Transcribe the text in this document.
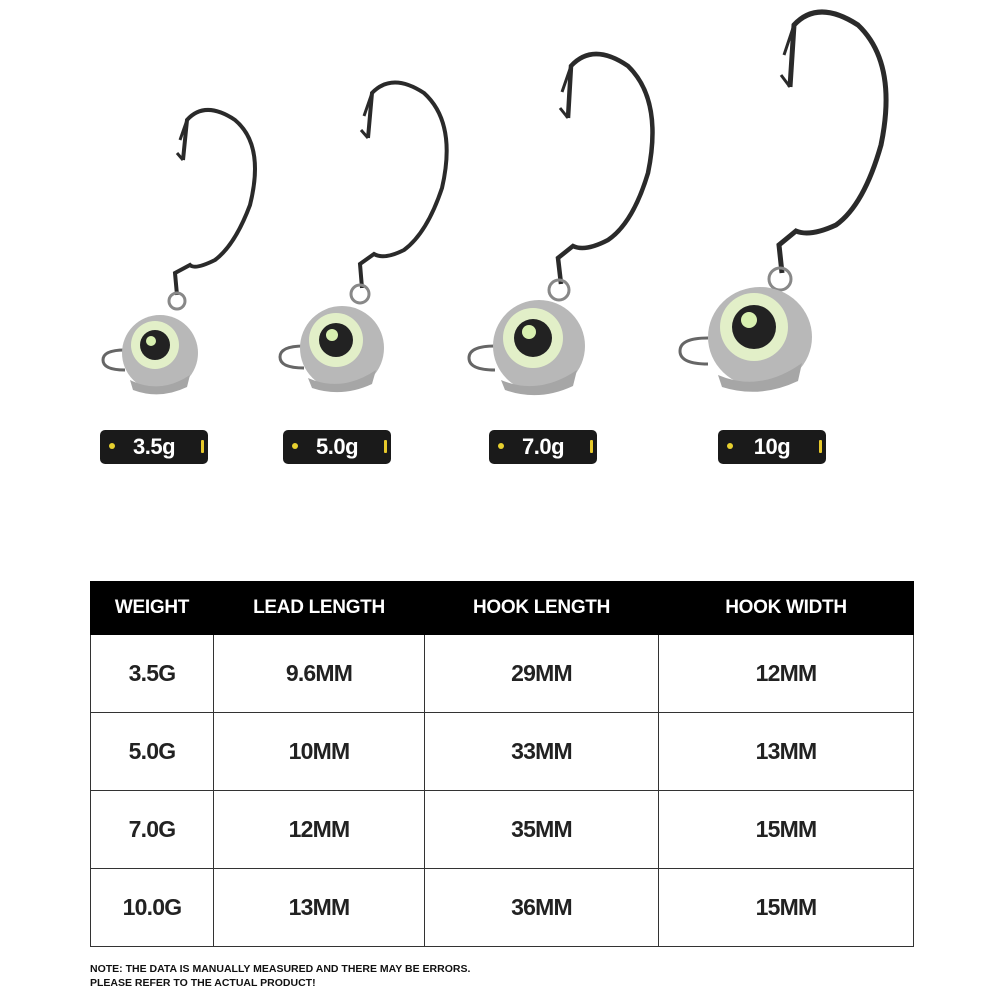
3.5g	5.0g	7.0g	10g
WEIGHT	LEAD LENGTH	HOOK LENGTH	HOOK WIDTH
3.5G	9.6MM	29MM	12MM
5.0G	10MM	33MM	13MM
7.0G	12MM	35MM	15MM
10.0G	13MM	36MM	15MM
NOTE: THE DATA IS MANUALLY MEASURED AND THERE MAY BE ERRORS.
PLEASE REFER TO THE ACTUAL PRODUCT!
